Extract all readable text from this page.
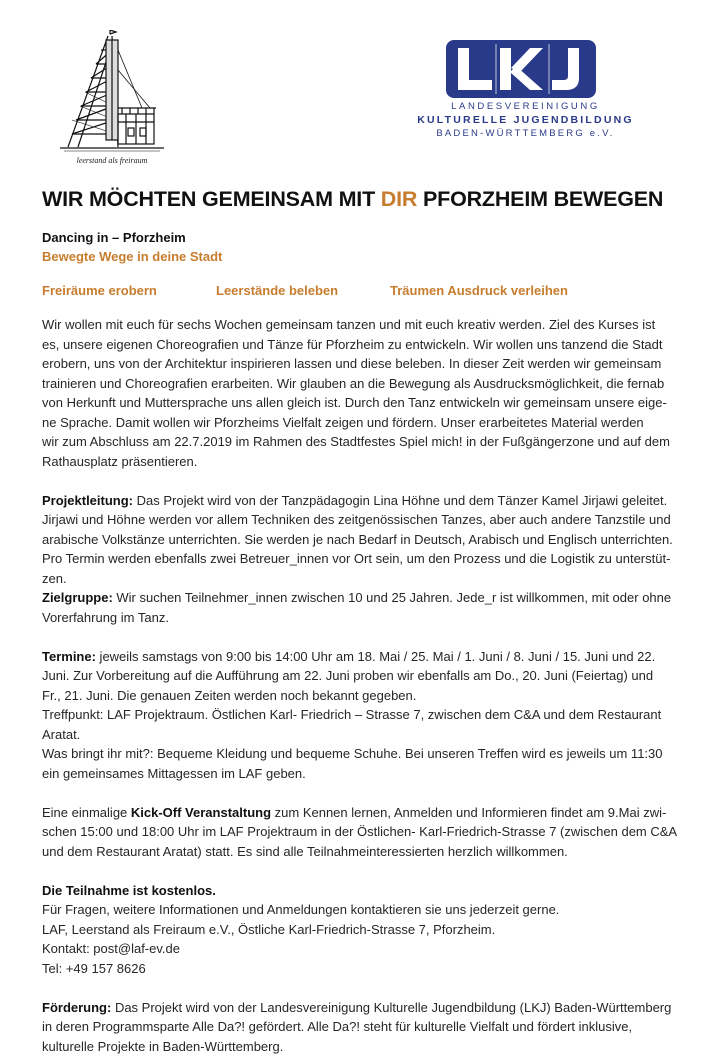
leerstand als freiraum
LANDESVEREINIGUNG
KULTURELLE JUGENDBILDUNG
BADEN-WÜRTTEMBERG e.V.
WIR MÖCHTEN GEMEINSAM MIT DIR PFORZHEIM BEWEGEN
Dancing in – Pforzheim
Bewegte Wege in deine Stadt
Freiräume erobern	Leerstände beleben	Träumen Ausdruck verleihen

Wir wollen mit euch für sechs Wochen gemeinsam tanzen und mit euch kreativ werden. Ziel des Kurses ist

es, unsere eigenen Choreografien und Tänze für Pforzheim zu entwickeln. Wir wollen uns tanzend die Stadt

erobern, uns von der Architektur inspirieren lassen und diese beleben. In dieser Zeit werden wir gemeinsam

trainieren und Choreografien erarbeiten. Wir glauben an die Bewegung als Ausdrucksmöglichkeit, die fernab

von Herkunft und Muttersprache uns allen gleich ist. Durch den Tanz entwickeln wir gemeinsam unsere eige-

ne Sprache. Damit wollen wir Pforzheims Vielfalt zeigen und fördern. Unser erarbeitetes Material werden

wir zum Abschluss am 22.7.2019 im Rahmen des Stadtfestes Spiel mich! in der Fußgängerzone und auf dem

Rathausplatz präsentieren.

Projektleitung: Das Projekt wird von der Tanzpädagogin Lina Höhne und dem Tänzer Kamel Jirjawi geleitet.

Jirjawi und Höhne werden vor allem Techniken des zeitgenössischen Tanzes, aber auch andere Tanzstile und

arabische Volkstänze unterrichten. Sie werden je nach Bedarf in Deutsch, Arabisch und Englisch unterrichten.

Pro Termin werden ebenfalls zwei Betreuer_innen vor Ort sein, um den Prozess und die Logistik zu unterstüt-

zen.

Zielgruppe: Wir suchen Teilnehmer_innen zwischen 10 und 25 Jahren. Jede_r ist willkommen, mit oder ohne

Vorerfahrung im Tanz.

Termine: jeweils samstags von 9:00 bis 14:00 Uhr am 18. Mai / 25. Mai / 1. Juni / 8. Juni / 15. Juni und 22.

Juni. Zur Vorbereitung auf die Aufführung am 22. Juni proben wir ebenfalls am Do., 20. Juni (Feiertag) und

Fr., 21. Juni. Die genauen Zeiten werden noch bekannt gegeben.

Treffpunkt: LAF Projektraum. Östlichen Karl- Friedrich – Strasse 7, zwischen dem C&A und dem Restaurant

Aratat.

Was bringt ihr mit?: Bequeme Kleidung und bequeme Schuhe. Bei unseren Treffen wird es jeweils um 11:30

ein gemeinsames Mittagessen im LAF geben.

Eine einmalige Kick-Off Veranstaltung zum Kennen lernen, Anmelden und Informieren findet am 9.Mai zwi-

schen 15:00 und 18:00 Uhr im LAF Projektraum in der Östlichen- Karl-Friedrich-Strasse 7 (zwischen dem C&A

und dem Restaurant Aratat) statt. Es sind alle Teilnahmeinteressierten herzlich willkommen.

Die Teilnahme ist kostenlos.

Für Fragen, weitere Informationen und Anmeldungen kontaktieren sie uns jederzeit gerne.

LAF, Leerstand als Freiraum e.V., Östliche Karl-Friedrich-Strasse 7, Pforzheim.

Kontakt: post@laf-ev.de

Tel: +49 157 8626

Förderung: Das Projekt wird von der Landesvereinigung Kulturelle Jugendbildung (LKJ) Baden-Württemberg

in deren Programmsparte Alle Da?! gefördert. Alle Da?! steht für kulturelle Vielfalt und fördert inklusive,

kulturelle Projekte in Baden-Württemberg.
